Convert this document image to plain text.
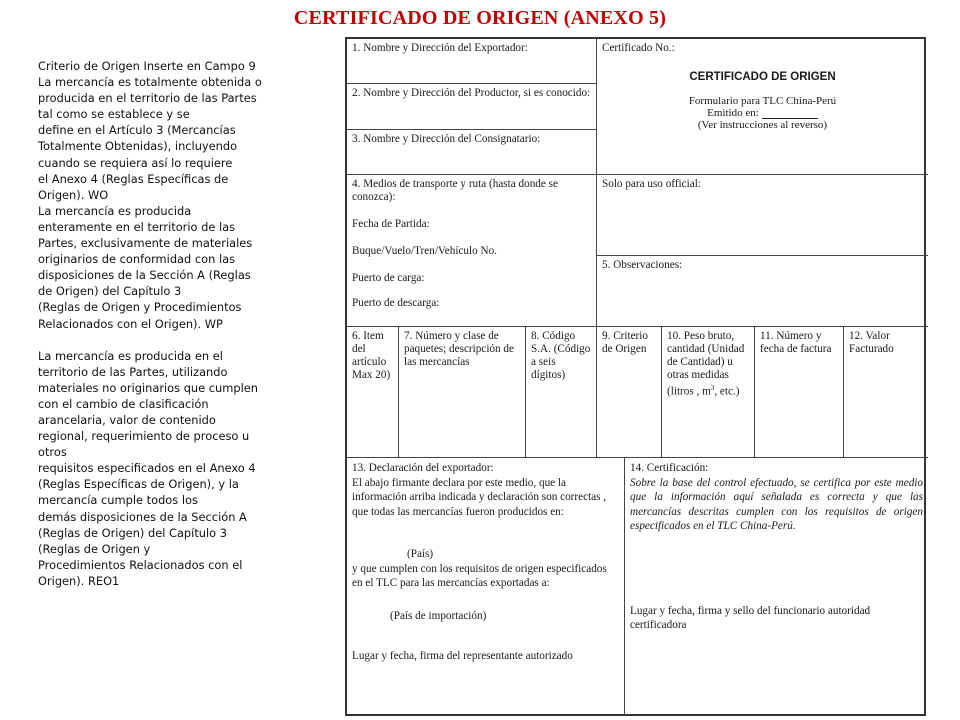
CERTIFICADO DE ORIGEN (ANEXO 5)

Criterio de Origen Inserte en Campo 9
La mercancía es totalmente obtenida o
producida en el territorio de las Partes
tal como se establece y se
define en el Artículo 3 (Mercancías
Totalmente Obtenidas), incluyendo
cuando se requiera así lo requiere
el Anexo 4 (Reglas Específicas de
Origen). WO

La mercancía es producida
enteramente en el territorio de las
Partes, exclusivamente de materiales
originarios de conformidad con las
disposiciones de la Sección A (Reglas
de Origen) del Capítulo 3
(Reglas de Origen y Procedimientos
Relacionados con el Origen). WP

La mercancía es producida en el
territorio de las Partes, utilizando
materiales no originarios que cumplen
con el cambio de clasificación
arancelaria, valor de contenido
regional, requerimiento de proceso u
otros
requisitos especificados en el Anexo 4
(Reglas Específicas de Origen), y la
mercancía cumple todos los
demás disposiciones de la Sección A
(Reglas de Origen) del Capítulo 3
(Reglas de Origen y
Procedimientos Relacionados con el
Origen). REO1

1. Nombre y Dirección del Exportador:	Certificado No.:
CERTIFICADO DE ORIGEN
Formulario para TLC China-Perú
Emitido en:
(Ver instrucciones al reverso)
2. Nombre y Dirección del Productor, si es conocido:
3. Nombre y Dirección del Consignatario:
4. Medios de transporte y ruta (hasta donde se conozca):
Fecha de Partida:
Buque/Vuelo/Tren/Vehículo No.
Puerto de carga:
Puerto de descarga:
Solo para uso official:
5. Observaciones:
6. Item del artículo Max 20)
7. Número y clase de paquetes; descripción de las mercancías
8. Código S.A. (Código a seis dígitos)
9. Criterio de Origen
10. Peso bruto, cantidad (Unidad de Cantidad) u otras medidas (litros , $m^3$, etc.)
11. Número y fecha de factura
12. Valor Facturado
13. Declaración del exportador:
El abajo firmante declara por este medio, que la información arriba indicada y declaración son correctas , que todas las mercancías fueron producidos en:
(País)
y que cumplen con los requisitos de origen especificados en el TLC para las mercancías exportadas a:
(País de importación)
Lugar y fecha, firma del representante autorizado
14. Certificación:
Sobre la base del control efectuado, se certifica por este medio que la información aquí señalada es correcta y que las mercancías descritas cumplen con los requisitos de origen especificados en el TLC China-Perú.
Lugar y fecha, firma y sello del funcionario autoridad certificadora
